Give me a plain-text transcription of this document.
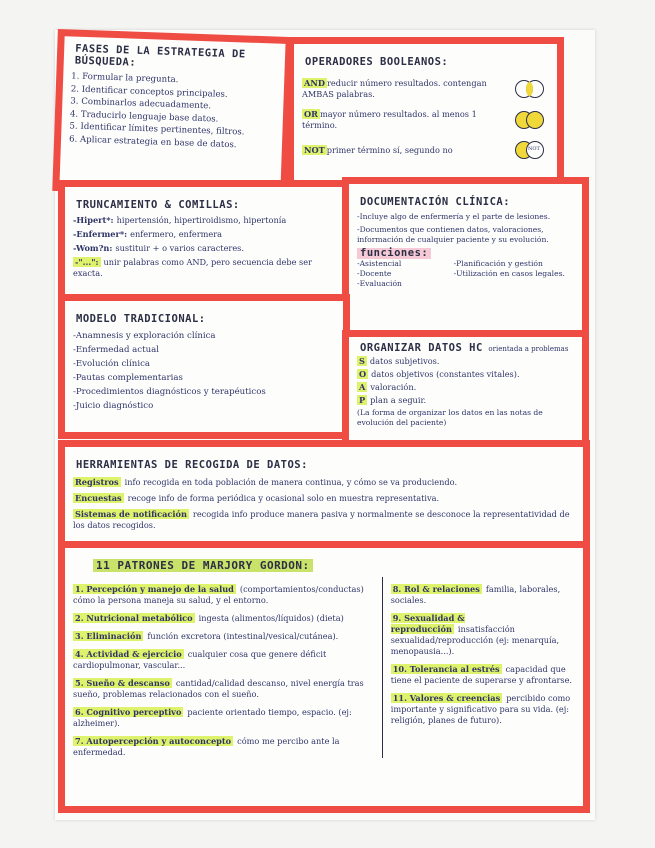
FASES DE LA ESTRATEGIA DE BÚSQUEDA:
1. Formular la pregunta.
2. Identificar conceptos principales.
3. Combinarlos adecuadamente.
4. Traducirlo lenguaje base datos.
5. Identificar límites pertinentes, filtros.
6. Aplicar estrategia en base de datos.
OPERADORES BOOLEANOS:
AND reducir número resultados. contengan AMBAS palabras.
OR mayor número resultados. al menos 1 término.
NOT primer término sí, segundo no	NOT
TRUNCAMIENTO & COMILLAS:
-Hipert*: hipertensión, hipertiroidismo, hipertonía
-Enfermer*: enfermero, enfermera
-Wom?n: sustituir + o varios caracteres.
-"...": unir palabras como AND, pero secuencia debe ser exacta.
DOCUMENTACIÓN CLÍNICA:
-Incluye algo de enfermería y el parte de lesiones.
-Documentos que contienen datos, valoraciones, información de cualquier paciente y su evolución.
funciones:
-Asistencial	-Planificación y gestión
-Docente	-Utilización en casos legales.
-Evaluación
MODELO TRADICIONAL:
-Anamnesis y exploración clínica
-Enfermedad actual
-Evolución clínica
-Pautas complementarias
-Procedimientos diagnósticos y terapéuticos
-Juicio diagnóstico
ORGANIZAR DATOS HC orientada a problemas
S datos subjetivos.
O datos objetivos (constantes vitales).
A valoración.
P plan a seguir.
(La forma de organizar los datos en las notas de evolución del paciente)
HERRAMIENTAS DE RECOGIDA DE DATOS:
Registros info recogida en toda población de manera continua, y cómo se va produciendo.
Encuestas recoge info de forma periódica y ocasional solo en muestra representativa.
Sistemas de notificación recogida info produce manera pasiva y normalmente se desconoce la representatividad de los datos recogidos.
11 PATRONES DE MARJORY GORDON:
1. Percepción y manejo de la salud (comportamientos/conductas) cómo la persona maneja su salud, y el entorno.
2. Nutricional metabólico ingesta (alimentos/líquidos) (dieta)
3. Eliminación función excretora (intestinal/vesical/cutánea).
4. Actividad & ejercicio cualquier cosa que genere déficit cardiopulmonar, vascular...
5. Sueño & descanso cantidad/calidad descanso, nivel energía tras sueño, problemas relacionados con el sueño.
6. Cognitivo perceptivo paciente orientado tiempo, espacio. (ej: alzheimer).
7. Autopercepción y autoconcepto cómo me percibo ante la enfermedad.
8. Rol & relaciones familia, laborales, sociales.
9. Sexualidad & reproducción insatisfacción sexualidad/reproducción (ej: menarquía, menopausia...).
10. Tolerancia al estrés capacidad que tiene el paciente de superarse y afrontarse.
11. Valores & creencias percibido como importante y significativo para su vida. (ej: religión, planes de futuro).
